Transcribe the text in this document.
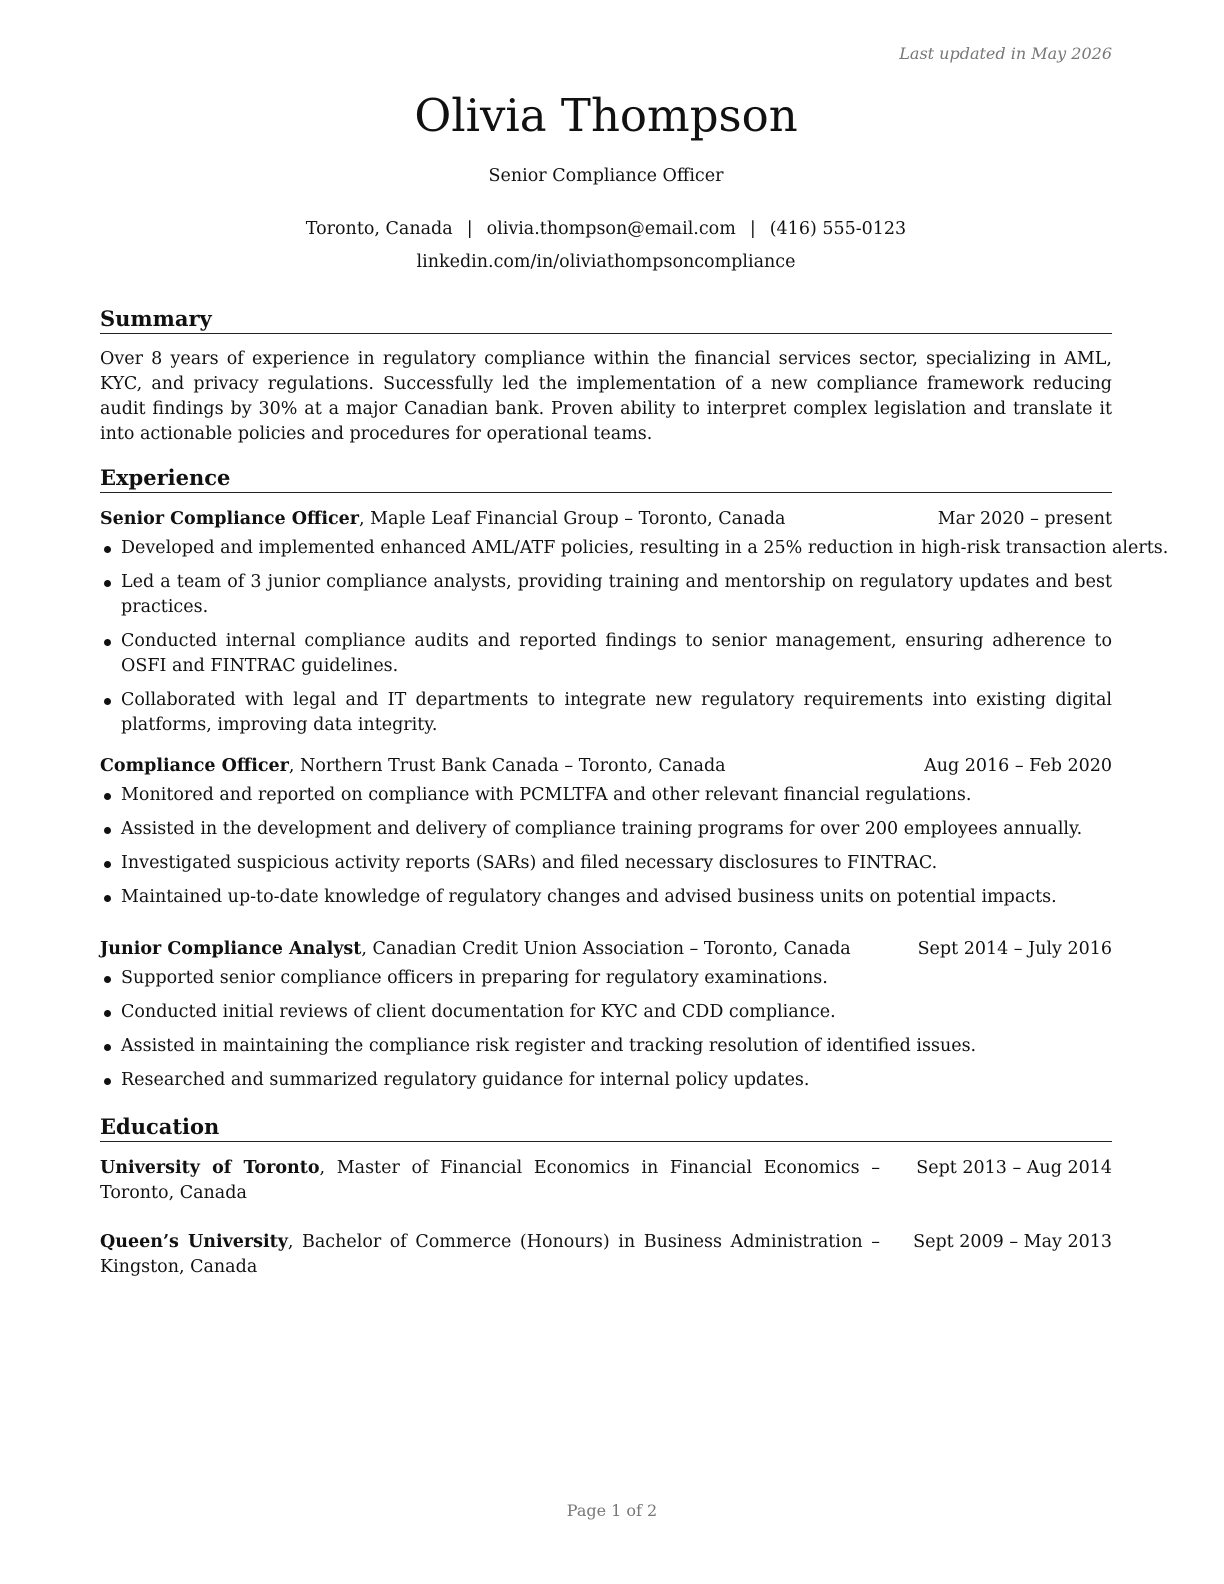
Last updated in May 2026
Olivia Thompson
Senior Compliance Officer
Toronto, Canada | olivia.thompson@email.com | (416) 555-0123
linkedin.com/in/oliviathompsoncompliance
Summary

Over 8 years of experience in regulatory compliance within the financial services sector, specializing in AML, KYC, and privacy regulations. Successfully led the implementation of a new compliance framework reducing audit findings by 30% at a major Canadian bank. Proven ability to interpret complex legislation and translate it into actionable policies and procedures for operational teams.

Experience
Senior Compliance Officer, Maple Leaf Financial Group – Toronto, Canada	Mar 2020 – present
Developed and implemented enhanced AML/ATF policies, resulting in a 25% reduction in high-risk transaction alerts.
Led a team of 3 junior compliance analysts, providing training and mentorship on regulatory updates and best practices.
Conducted internal compliance audits and reported findings to senior management, ensuring adherence to OSFI and FINTRAC guidelines.
Collaborated with legal and IT departments to integrate new regulatory requirements into existing digital platforms, improving data integrity.
Compliance Officer, Northern Trust Bank Canada – Toronto, Canada	Aug 2016 – Feb 2020
Monitored and reported on compliance with PCMLTFA and other relevant financial regulations.
Assisted in the development and delivery of compliance training programs for over 200 employees annually.
Investigated suspicious activity reports (SARs) and filed necessary disclosures to FINTRAC.
Maintained up-to-date knowledge of regulatory changes and advised business units on potential impacts.
Junior Compliance Analyst, Canadian Credit Union Association – Toronto, Canada	Sept 2014 – July 2016
Supported senior compliance officers in preparing for regulatory examinations.
Conducted initial reviews of client documentation for KYC and CDD compliance.
Assisted in maintaining the compliance risk register and tracking resolution of identified issues.
Researched and summarized regulatory guidance for internal policy updates.
Education
University of Toronto, Master of Financial Economics in Financial Economics – Toronto, Canada
Sept 2013 – Aug 2014
Queen’s University, Bachelor of Commerce (Honours) in Business Administration – Kingston, Canada
Sept 2009 – May 2013
Page 1 of 2
